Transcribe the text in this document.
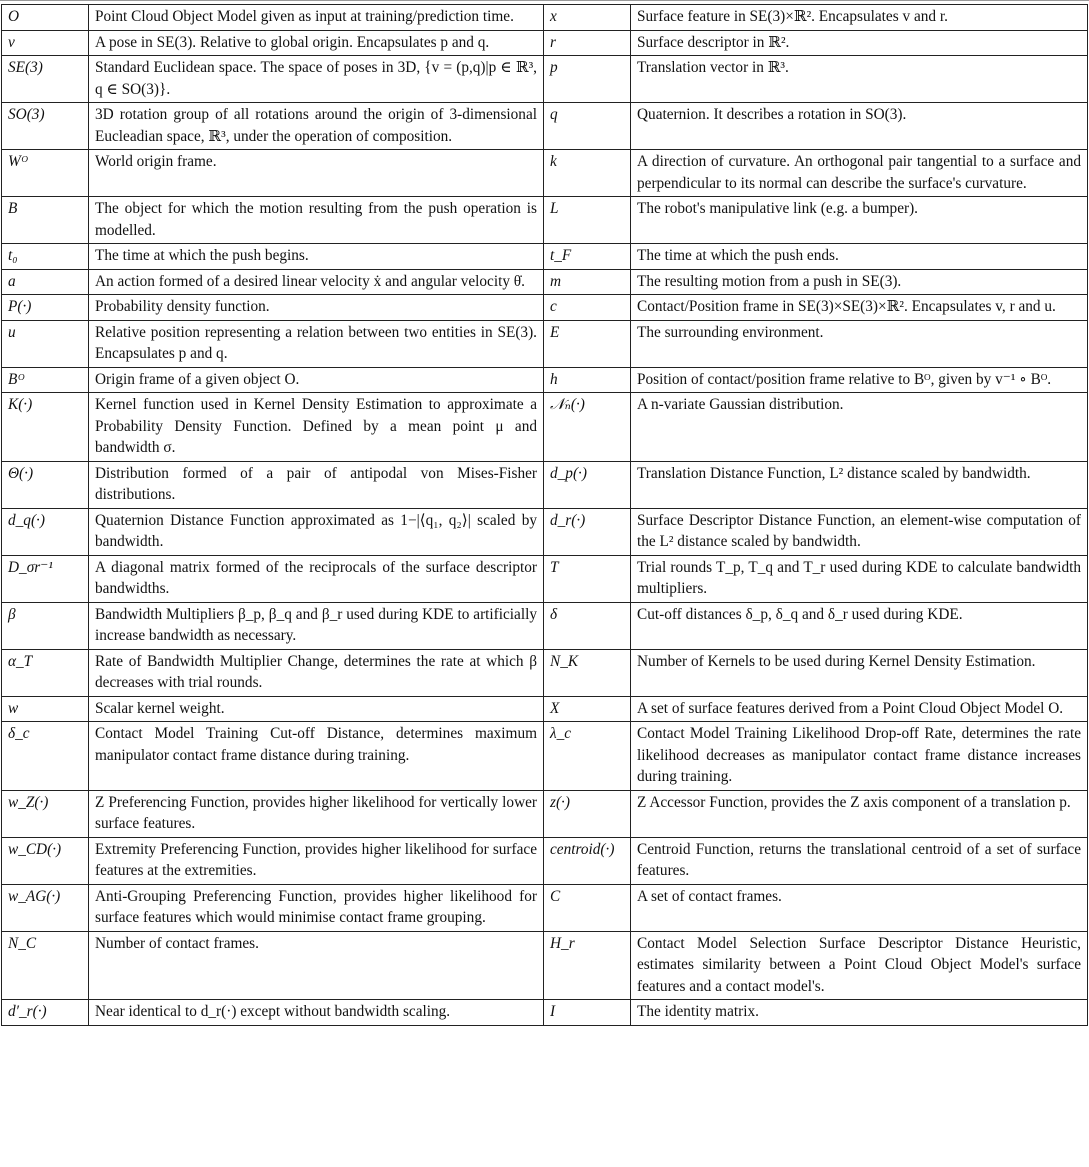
O	Point Cloud Object Model given as input at training/prediction time.	x	Surface feature in SE(3)×ℝ². Encapsulates v and r.
v	A pose in SE(3). Relative to global origin. Encapsulates p and q.	r	Surface descriptor in ℝ².
SE(3)	Standard Euclidean space. The space of poses in 3D, {v = (p,q)|p ∈ ℝ³, q ∈ SO(3)}.	p	Translation vector in ℝ³.
SO(3)	3D rotation group of all rotations around the origin of 3-dimensional Eucleadian space, ℝ³, under the operation of composition.	q	Quaternion. It describes a rotation in SO(3).
Wᴼ	World origin frame.	k	A direction of curvature. An orthogonal pair tangential to a surface and perpendicular to its normal can describe the surface's curvature.
B	The object for which the motion resulting from the push operation is modelled.	L	The robot's manipulative link (e.g. a bumper).
t₀	The time at which the push begins.	t_F	The time at which the push ends.
a	An action formed of a desired linear velocity ẋ and angular velocity θ̇.	m	The resulting motion from a push in SE(3).
P(·)	Probability density function.	c	Contact/Position frame in SE(3)×SE(3)×ℝ². Encapsulates v, r and u.
u	Relative position representing a relation between two entities in SE(3). Encapsulates p and q.	E	The surrounding environment.
Bᴼ	Origin frame of a given object O.	h	Position of contact/position frame relative to Bᴼ, given by v⁻¹ ∘ Bᴼ.
K(·)	Kernel function used in Kernel Density Estimation to approximate a Probability Density Function. Defined by a mean point μ and bandwidth σ.	𝒩ₙ(·)	A n-variate Gaussian distribution.
Θ(·)	Distribution formed of a pair of antipodal von Mises-Fisher distributions.	d_p(·)	Translation Distance Function, L² distance scaled by bandwidth.
d_q(·)	Quaternion Distance Function approximated as 1−|⟨q₁, q₂⟩| scaled by bandwidth.	d_r(·)	Surface Descriptor Distance Function, an element-wise computation of the L² distance scaled by bandwidth.
D_σr⁻¹	A diagonal matrix formed of the reciprocals of the surface descriptor bandwidths.	T	Trial rounds T_p, T_q and T_r used during KDE to calculate bandwidth multipliers.
β	Bandwidth Multipliers β_p, β_q and β_r used during KDE to artificially increase bandwidth as necessary.	δ	Cut-off distances δ_p, δ_q and δ_r used during KDE.
α_T	Rate of Bandwidth Multiplier Change, determines the rate at which β decreases with trial rounds.	N_K	Number of Kernels to be used during Kernel Density Estimation.
w	Scalar kernel weight.	X	A set of surface features derived from a Point Cloud Object Model O.
δ_c	Contact Model Training Cut-off Distance, determines maximum manipulator contact frame distance during training.	λ_c	Contact Model Training Likelihood Drop-off Rate, determines the rate likelihood decreases as manipulator contact frame distance increases during training.
w_Z(·)	Z Preferencing Function, provides higher likelihood for vertically lower surface features.	z(·)	Z Accessor Function, provides the Z axis component of a translation p.
w_CD(·)	Extremity Preferencing Function, provides higher likelihood for surface features at the extremities.	centroid(·)	Centroid Function, returns the translational centroid of a set of surface features.
w_AG(·)	Anti-Grouping Preferencing Function, provides higher likelihood for surface features which would minimise contact frame grouping.	C	A set of contact frames.
N_C	Number of contact frames.	H_r	Contact Model Selection Surface Descriptor Distance Heuristic, estimates similarity between a Point Cloud Object Model's surface features and a contact model's.
d′_r(·)	Near identical to d_r(·) except without bandwidth scaling.	I	The identity matrix.
